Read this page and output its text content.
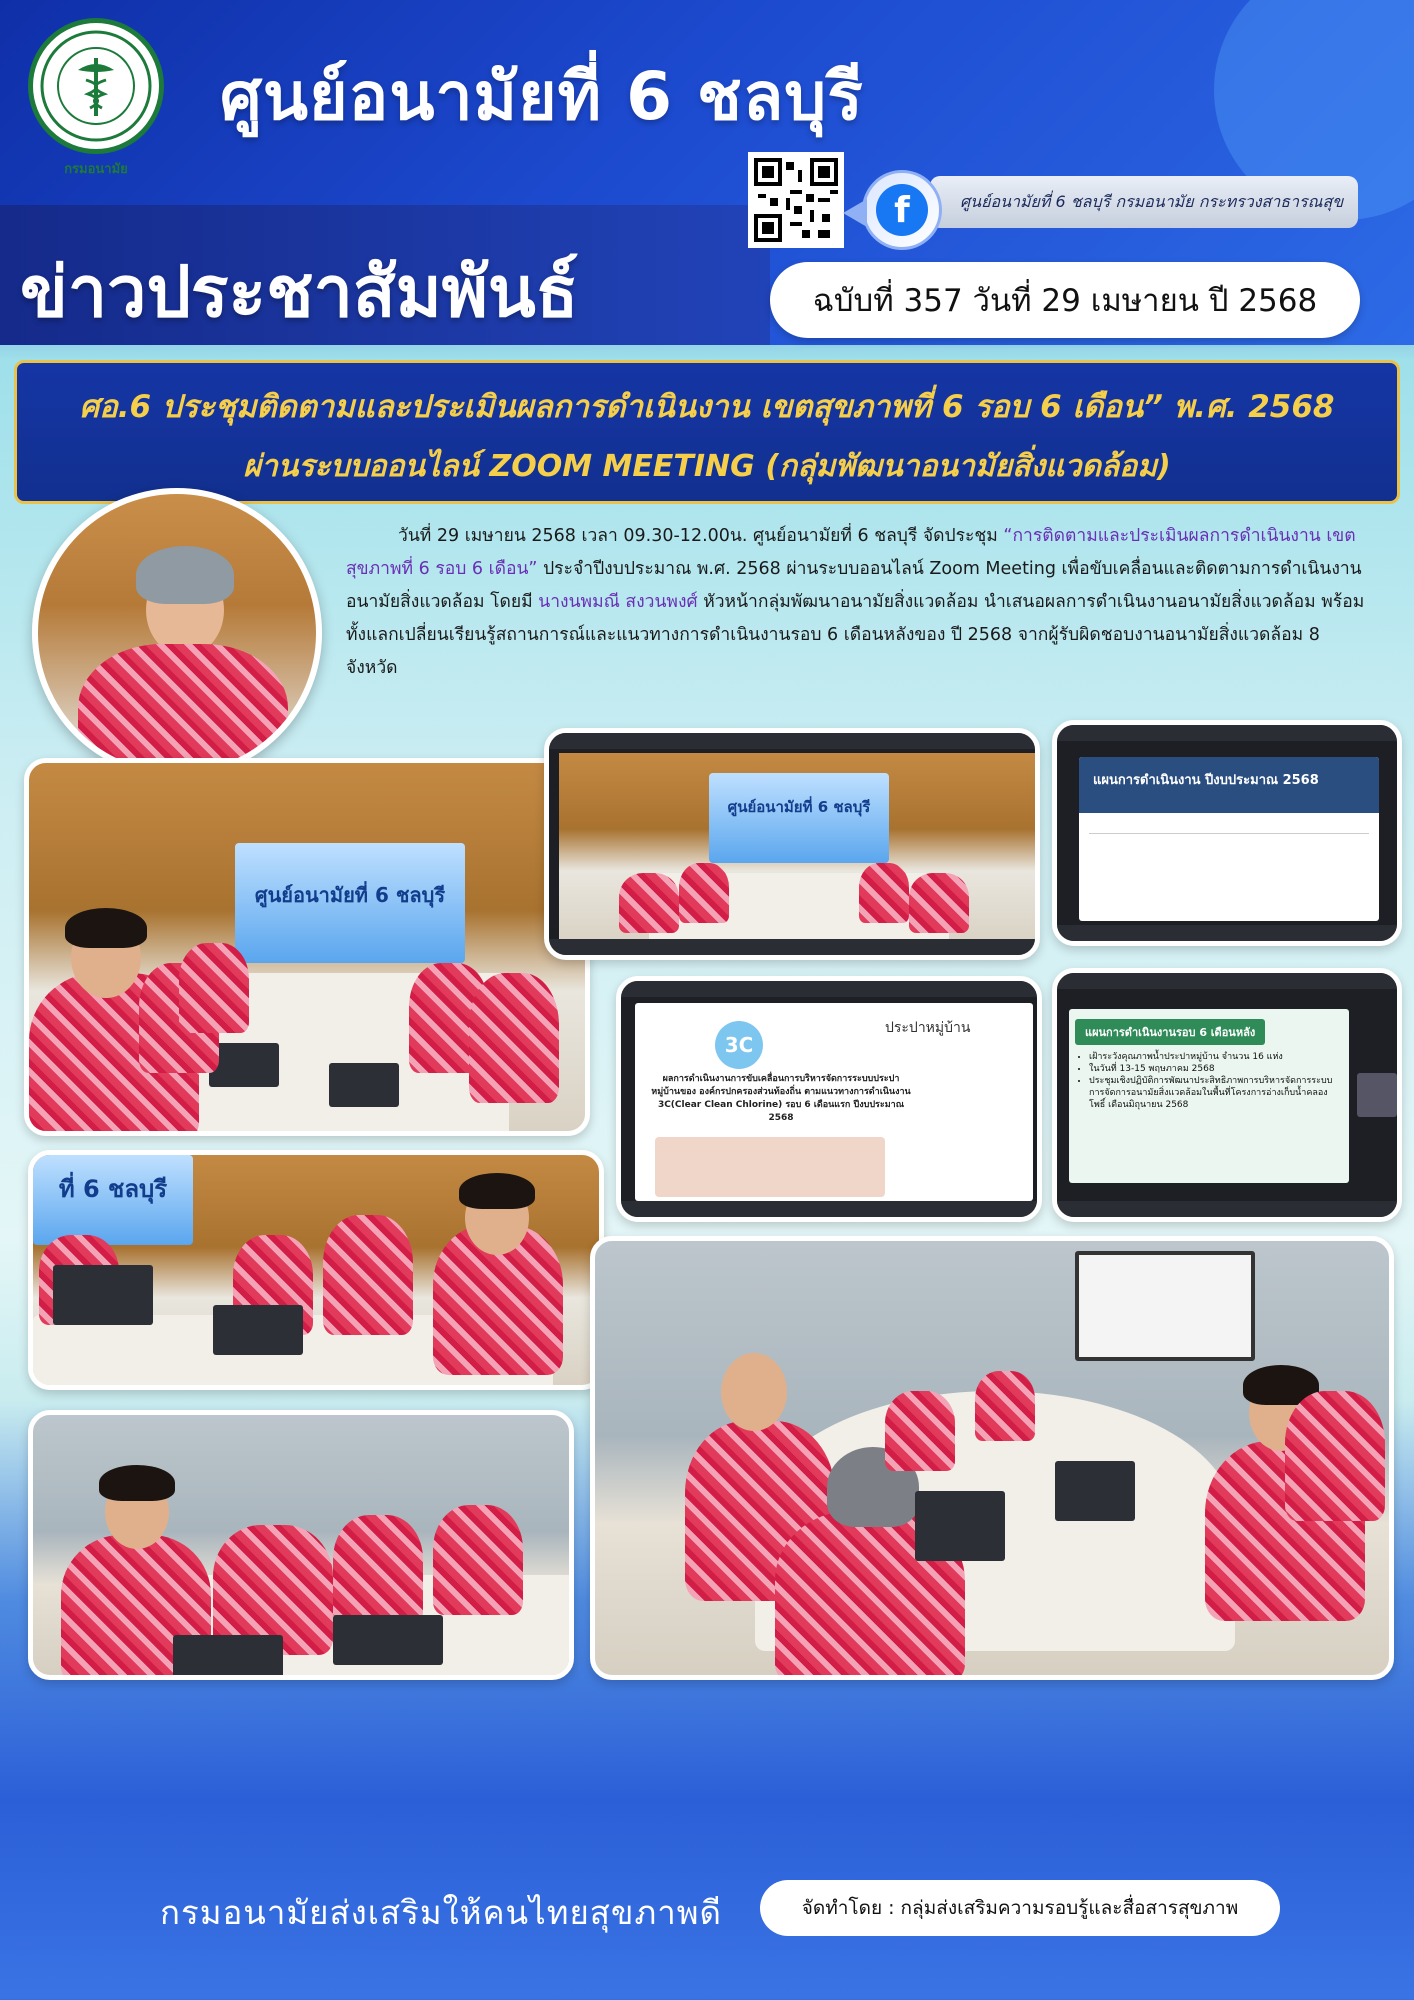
กรมอนามัย
ศูนย์อนามัยที่ 6 ชลบุรี
ข่าวประชาสัมพันธ์
ศูนย์อนามัยที่ 6 ชลบุรี กรมอนามัย กระทรวงสาธารณสุข
f
ฉบับที่ 357 วันที่ 29 เมษายน ปี 2568
ศอ.6 ประชุมติดตามและประเมินผลการดำเนินงาน เขตสุขภาพที่ 6 รอบ 6 เดือน” พ.ศ. 2568
ผ่านระบบออนไลน์ ZOOM MEETING (กลุ่มพัฒนาอนามัยสิ่งแวดล้อม)
วันที่ 29 เมษายน 2568 เวลา 09.30-12.00น. ศูนย์อนามัยที่ 6 ชลบุรี จัดประชุม “การติดตามและประเมินผลการดำเนินงาน เขตสุขภาพที่ 6 รอบ 6 เดือน” ประจำปีงบประมาณ พ.ศ. 2568 ผ่านระบบออนไลน์ Zoom Meeting เพื่อขับเคลื่อนและติดตามการดำเนินงานอนามัยสิ่งแวดล้อม โดยมี นางนพมณี สงวนพงศ์ หัวหน้ากลุ่มพัฒนาอนามัยสิ่งแวดล้อม นำเสนอผลการดำเนินงานอนามัยสิ่งแวดล้อม พร้อมทั้งแลกเปลี่ยนเรียนรู้สถานการณ์และแนวทางการดำเนินงานรอบ 6 เดือนหลังของ ปี 2568 จากผู้รับผิดชอบงานอนามัยสิ่งแวดล้อม 8 จังหวัด
ศูนย์อนามัยที่ 6 ชลบุรี
ศูนย์อนามัยที่ 6 ชลบุรี
แผนการดำเนินงาน ปีงบประมาณ 2568
3C
ประปาหมู่บ้าน
ผลการดำเนินงานการขับเคลื่อนการบริหารจัดการระบบประปาหมู่บ้านของ องค์กรปกครองส่วนท้องถิ่น ตามแนวทางการดำเนินงาน 3C(Clear Clean Chlorine) รอบ 6 เดือนแรก ปีงบประมาณ 2568
แผนการดำเนินงานรอบ 6 เดือนหลัง
• เฝ้าระวังคุณภาพน้ำประปาหมู่บ้าน จำนวน 16 แห่ง
• ในวันที่ 13-15 พฤษภาคม 2568
• ประชุมเชิงปฏิบัติการพัฒนาประสิทธิภาพการบริหารจัดการระบบการจัดการอนามัยสิ่งแวดล้อมในพื้นที่โครงการอ่างเก็บน้ำคลองโพธิ์ เดือนมิถุนายน 2568
ที่ 6 ชลบุรี
กรมอนามัยส่งเสริมให้คนไทยสุขภาพดี	จัดทำโดย : กลุ่มส่งเสริมความรอบรู้และสื่อสารสุขภาพ
